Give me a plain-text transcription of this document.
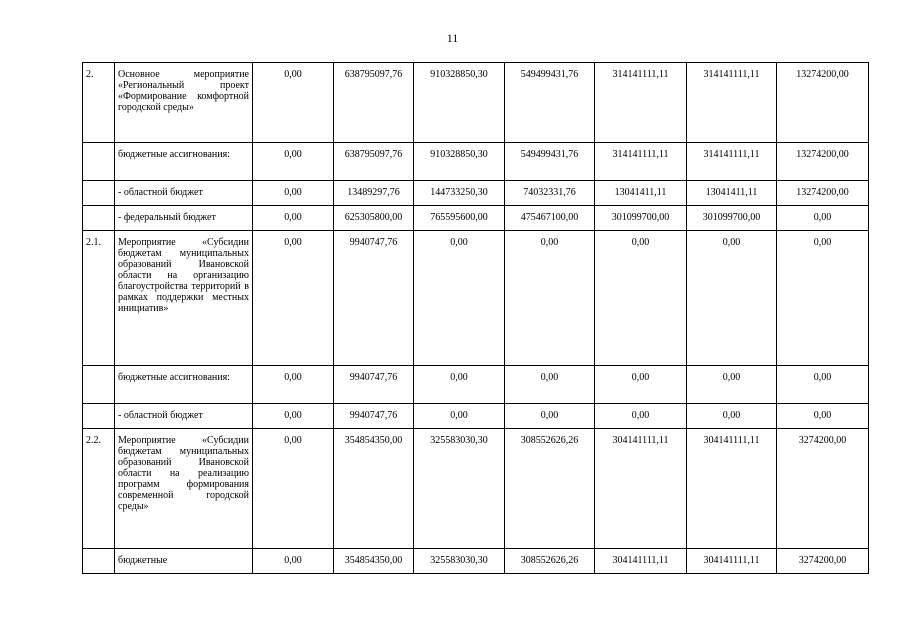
11
2.	Основное мероприятие «Региональный проект «Формирование комфортной городской среды»	0,00	638795097,76	910328850,30	549499431,76	314141111,11	314141111,11	13274200,00
	бюджетные ассигнования:	0,00	638795097,76	910328850,30	549499431,76	314141111,11	314141111,11	13274200,00
	- областной бюджет	0,00	13489297,76	144733250,30	74032331,76	13041411,11	13041411,11	13274200,00
	- федеральный бюджет	0,00	625305800,00	765595600,00	475467100,00	301099700,00	301099700,00	0,00
2.1.	Мероприятие «Субсидии бюджетам муниципальных образований Ивановской области на организацию благоустройства территорий в рамках поддержки местных инициатив»	0,00	9940747,76	0,00	0,00	0,00	0,00	0,00
	бюджетные ассигнования:	0,00	9940747,76	0,00	0,00	0,00	0,00	0,00
	- областной бюджет	0,00	9940747,76	0,00	0,00	0,00	0,00	0,00
2.2.	Мероприятие «Субсидии бюджетам муниципальных образований Ивановской области на реализацию программ формирования современной городской среды»	0,00	354854350,00	325583030,30	308552626,26	304141111,11	304141111,11	3274200,00
	бюджетные	0,00	354854350,00	325583030,30	308552626,26	304141111,11	304141111,11	3274200,00
